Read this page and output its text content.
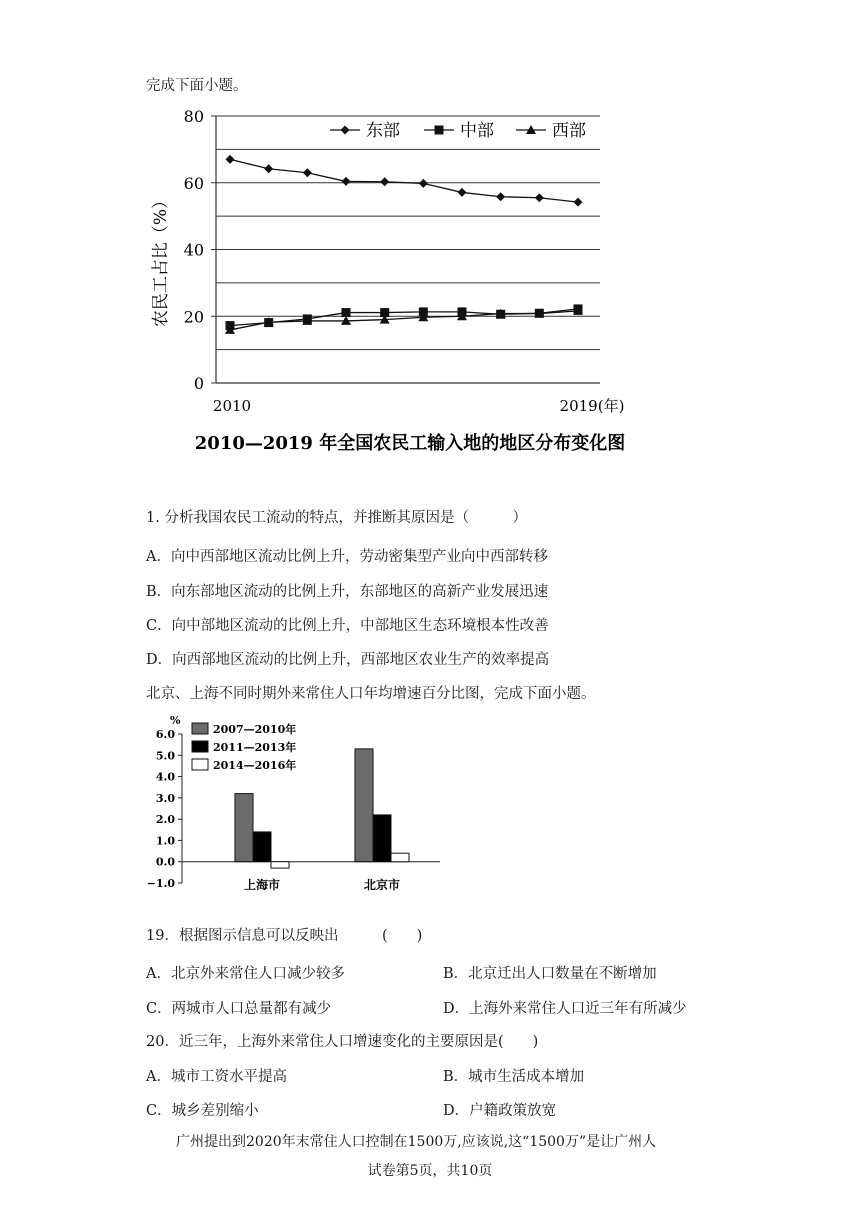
完成下面小题。
0
20
40
60
80
2010	2019(年)
农民工占比（%）
2010—2019 年全国农民工输入地的地区分布变化图
东部	中部	西部
1. 分析我国农民工流动的特点，并推断其原因是（　　　）
A．向中西部地区流动比例上升，劳动密集型产业向中西部转移
B．向东部地区流动的比例上升，东部地区的高新产业发展迅速
C．向中部地区流动的比例上升，中部地区生态环境根本性改善
D．向西部地区流动的比例上升，西部地区农业生产的效率提高
北京、上海不同时期外来常住人口年均增速百分比图，完成下面小题。
%
6.0
5.0
4.0
3.0
2.0
1.0
0.0
−1.0	上海市	北京市
2007—2010年
2011—2013年
2014—2016年
19．根据图示信息可以反映出　　　(　　)
A．北京外来常住人口减少较多	B．北京迁出人口数量在不断增加
C．两城市人口总量都有减少	D．上海外来常住人口近三年有所减少
20．近三年，上海外来常住人口增速变化的主要原因是(　　)
A．城市工资水平提高	B．城市生活成本增加
C．城乡差别缩小	D．户籍政策放宽
广州提出到2020年末常住人口控制在1500万,应该说,这“1500万”是让广州人
试卷第5页，共10页
